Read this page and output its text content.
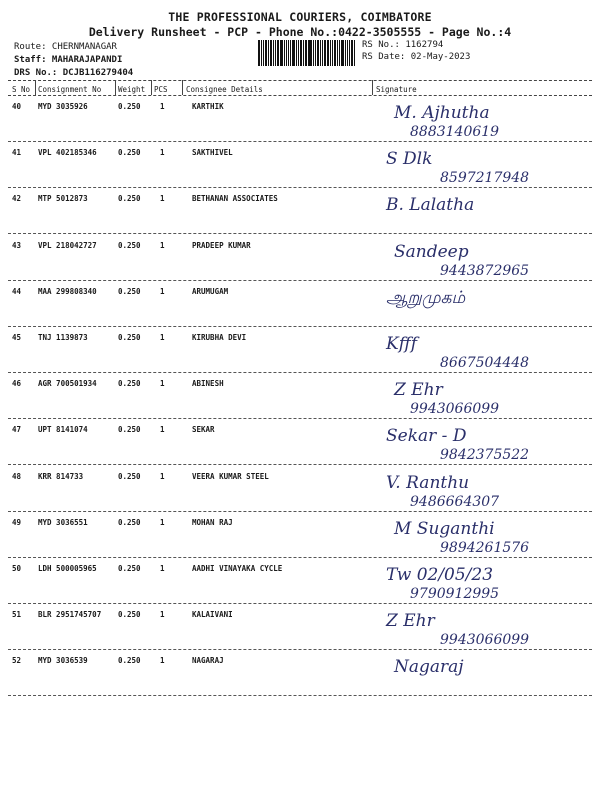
THE PROFESSIONAL COURIERS, COIMBATORE
Delivery Runsheet - PCP - Phone No.:0422-3505555 - Page No.:4
Route: CHERNMANAGAR
Staff: MAHARAJAPANDI
DRS No.: DCJB116279404
RS No.: 1162794
RS Date: 02-May-2023
S No Consignment No Weight PCS Consignee Details	Signature
40 MYD 3035926	0.250	1	KARTHIK	M. Ajhutha
8883140619
41 VPL 402185346	0.250	1	SAKTHIVEL	S Dlk
8597217948
42 MTP 5012873	0.250	1	BETHANAN ASSOCIATES	B. Lalatha
43 VPL 218042727	0.250	1	PRADEEP KUMAR	Sandeep
9443872965
44 MAA 299808340	0.250	1	ARUMUGAM	ஆறுமுகம்
45 TNJ 1139873	0.250	1	KIRUBHA DEVI	Kfff
8667504448
46 AGR 700501934	0.250	1	ABINESH	Z Ehr
9943066099
47 UPT 8141074	0.250	1	SEKAR	Sekar - D
9842375522
48 KRR 814733	0.250	1	VEERA KUMAR STEEL	V. Ranthu
9486664307
49 MYD 3036551	0.250	1	MOHAN RAJ	M Suganthi
9894261576
50 LDH 500005965	0.250	1	AADHI VINAYAKA CYCLE	Tw 02/05/23
9790912995
51 BLR 2951745707 0.250	1	KALAIVANI	Z Ehr
9943066099
52 MYD 3036539	0.250	1	NAGARAJ	Nagaraj
